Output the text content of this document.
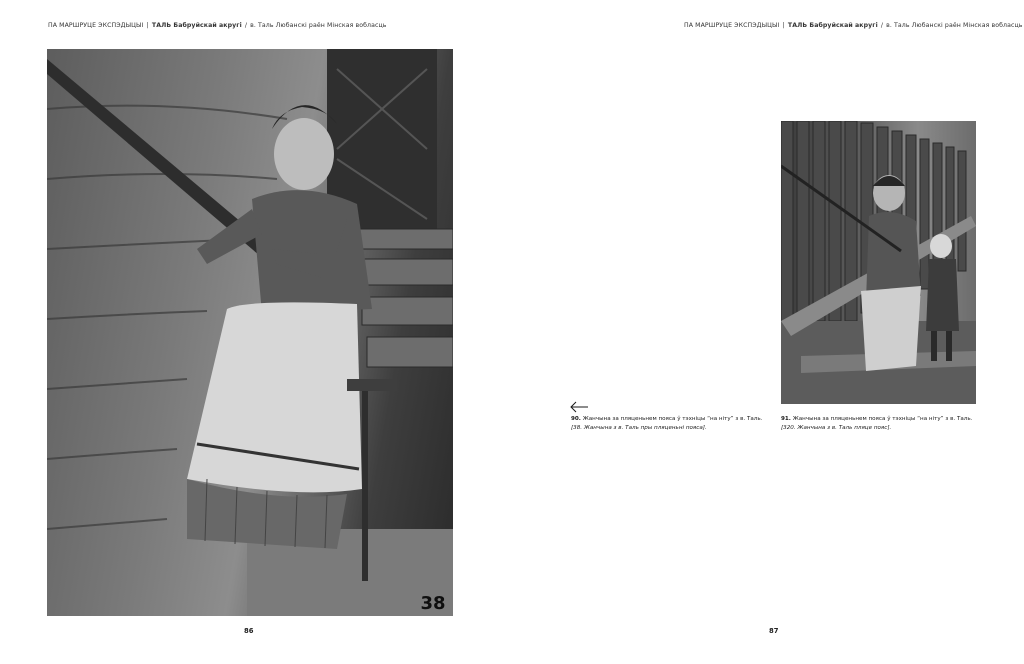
ПА МАРШРУЦЕ ЭКСПЭДЫЦЫІ | ТАЛЬ Бабруйскай акругі / в. Таль Любанскі раён Мінская вобласць	ПА МАРШРУЦЕ ЭКСПЭДЫЦЫІ | ТАЛЬ Бабруйскай акругі / в. Таль Любанскі раён Мінская вобласць
38
90. Жанчына за пляценьнем пояса ў тэхніцы “на ніту” з в. Таль.
[38. Жанчына з в. Таль пры пляценьні пояса].
91. Жанчына за пляценьнем пояса ў тэхніцы “на ніту” з в. Таль.
[320. Жанчына з в. Таль пляце пояс].
86	87
